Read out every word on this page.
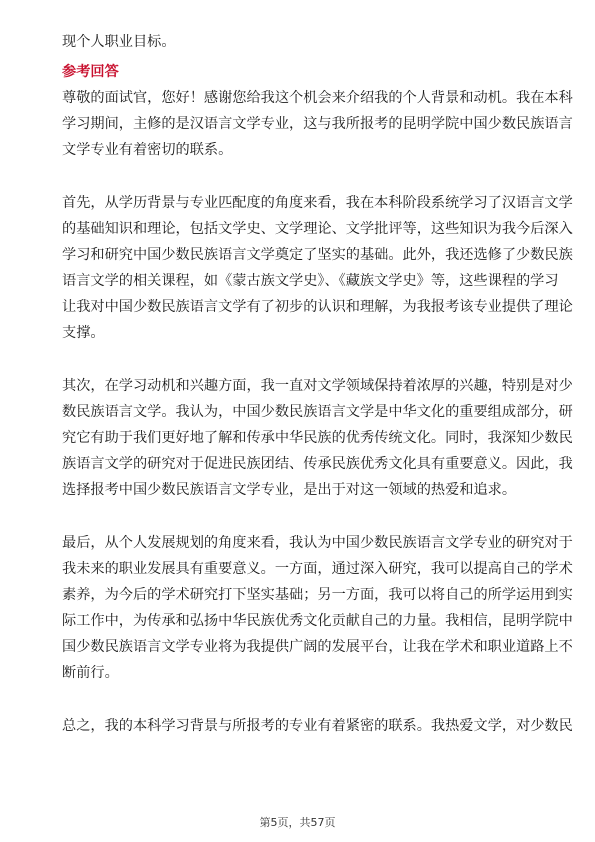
现个人职业目标。
参考回答
尊敬的面试官，您好！感谢您给我这个机会来介绍我的个人背景和动机。我在本科
学习期间，主修的是汉语言文学专业，这与我所报考的昆明学院中国少数民族语言
文学专业有着密切的联系。
首先，从学历背景与专业匹配度的角度来看，我在本科阶段系统学习了汉语言文学
的基础知识和理论，包括文学史、文学理论、文学批评等，这些知识为我今后深入
学习和研究中国少数民族语言文学奠定了坚实的基础。此外，我还选修了少数民族
语言文学的相关课程，如《蒙古族文学史》、《藏族文学史》等，这些课程的学习
让我对中国少数民族语言文学有了初步的认识和理解，为我报考该专业提供了理论
支撑。
其次，在学习动机和兴趣方面，我一直对文学领域保持着浓厚的兴趣，特别是对少
数民族语言文学。我认为，中国少数民族语言文学是中华文化的重要组成部分，研
究它有助于我们更好地了解和传承中华民族的优秀传统文化。同时，我深知少数民
族语言文学的研究对于促进民族团结、传承民族优秀文化具有重要意义。因此，我
选择报考中国少数民族语言文学专业，是出于对这一领域的热爱和追求。
最后，从个人发展规划的角度来看，我认为中国少数民族语言文学专业的研究对于
我未来的职业发展具有重要意义。一方面，通过深入研究，我可以提高自己的学术
素养，为今后的学术研究打下坚实基础；另一方面，我可以将自己的所学运用到实
际工作中，为传承和弘扬中华民族优秀文化贡献自己的力量。我相信，昆明学院中
国少数民族语言文学专业将为我提供广阔的发展平台，让我在学术和职业道路上不
断前行。
总之，我的本科学习背景与所报考的专业有着紧密的联系。我热爱文学，对少数民
第5页，共57页
